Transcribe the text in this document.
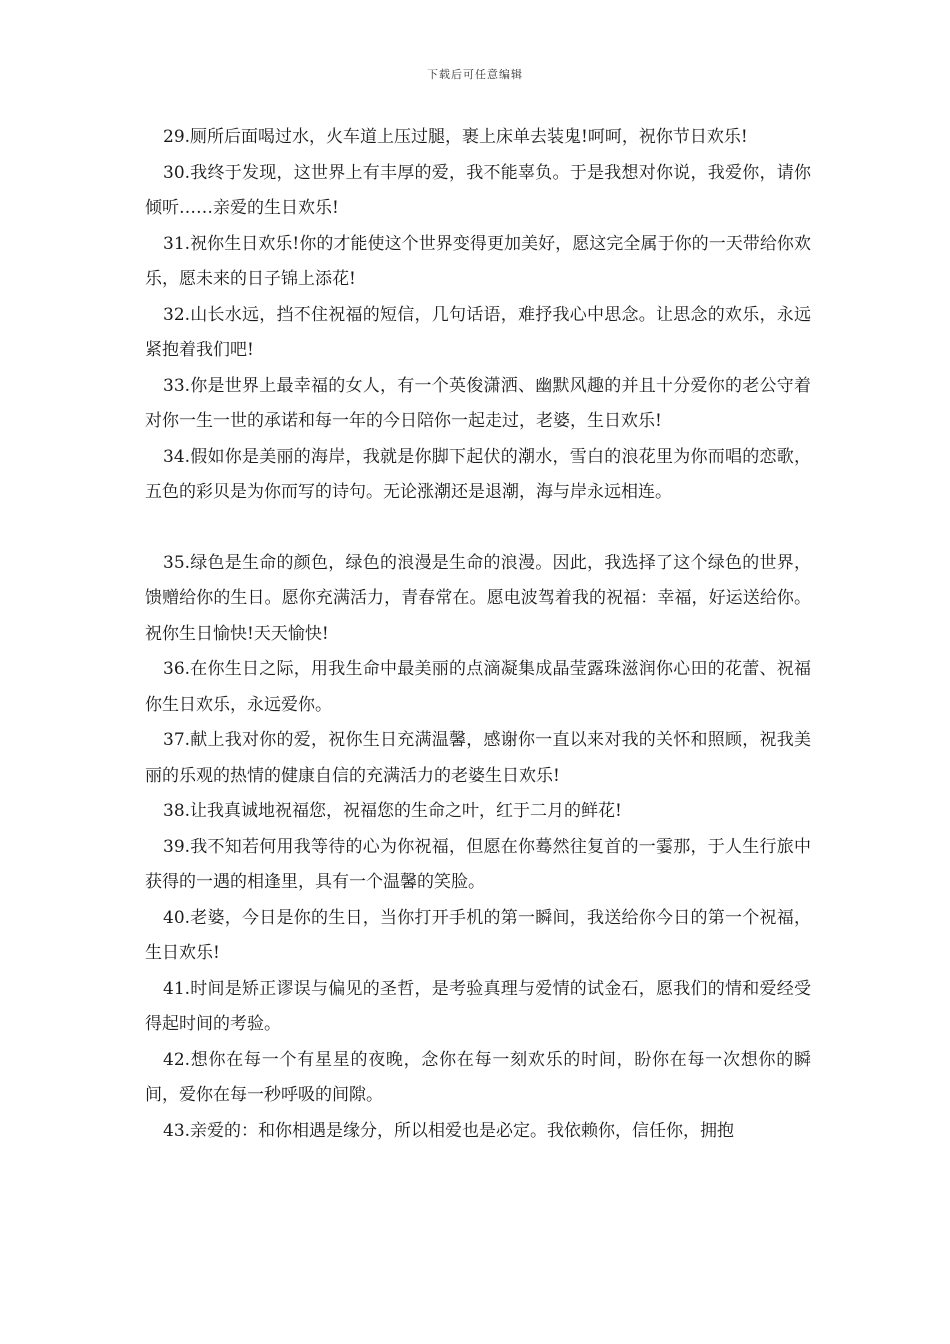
下载后可任意编辑

29.厕所后面喝过水，火车道上压过腿，裹上床单去装鬼!呵呵，祝你节日欢乐!

30.我终于发现，这世界上有丰厚的爱，我不能辜负。于是我想对你说，我爱你，请你倾听……亲爱的生日欢乐!

31.祝你生日欢乐!你的才能使这个世界变得更加美好，愿这完全属于你的一天带给你欢乐，愿未来的日子锦上添花!

32.山长水远，挡不住祝福的短信，几句话语，难抒我心中思念。让思念的欢乐，永远紧抱着我们吧!

33.你是世界上最幸福的女人，有一个英俊潇洒、幽默风趣的并且十分爱你的老公守着对你一生一世的承诺和每一年的今日陪你一起走过，老婆，生日欢乐!

34.假如你是美丽的海岸，我就是你脚下起伏的潮水，雪白的浪花里为你而唱的恋歌，五色的彩贝是为你而写的诗句。无论涨潮还是退潮，海与岸永远相连。

35.绿色是生命的颜色，绿色的浪漫是生命的浪漫。因此，我选择了这个绿色的世界，馈赠给你的生日。愿你充满活力，青春常在。愿电波驾着我的祝福：幸福，好运送给你。祝你生日愉快!天天愉快!

36.在你生日之际，用我生命中最美丽的点滴凝集成晶莹露珠滋润你心田的花蕾、祝福你生日欢乐，永远爱你。

37.献上我对你的爱，祝你生日充满温馨，感谢你一直以来对我的关怀和照顾，祝我美丽的乐观的热情的健康自信的充满活力的老婆生日欢乐!

38.让我真诚地祝福您，祝福您的生命之叶，红于二月的鲜花!

39.我不知若何用我等待的心为你祝福，但愿在你蓦然往复首的一霎那，于人生行旅中获得的一遇的相逢里，具有一个温馨的笑脸。

40.老婆，今日是你的生日，当你打开手机的第一瞬间，我送给你今日的第一个祝福，生日欢乐!

41.时间是矫正谬误与偏见的圣哲，是考验真理与爱情的试金石，愿我们的情和爱经受得起时间的考验。

42.想你在每一个有星星的夜晚，念你在每一刻欢乐的时间，盼你在每一次想你的瞬间，爱你在每一秒呼吸的间隙。

43.亲爱的：和你相遇是缘分，所以相爱也是必定。我依赖你，信任你，拥抱
